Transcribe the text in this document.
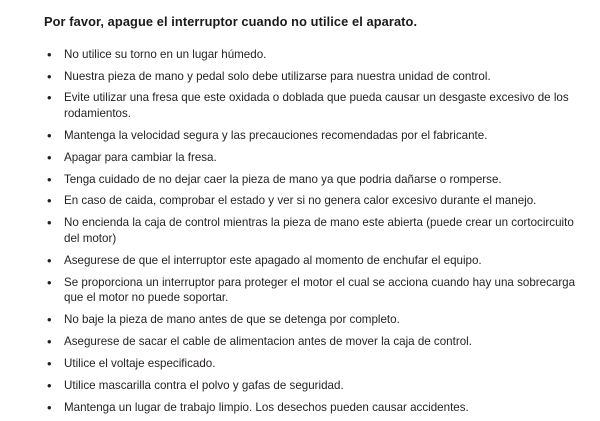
Por favor, apague el interruptor cuando no utilice el aparato.
• No utilice su torno en un lugar húmedo.
• Nuestra pieza de mano y pedal solo debe utilizarse para nuestra unidad de control.
• Evite utilizar una fresa que este oxidada o doblada que pueda causar un desgaste excesivo de los rodamientos.
• Mantenga la velocidad segura y las precauciones recomendadas por el fabricante.
• Apagar para cambiar la fresa.
• Tenga cuidado de no dejar caer la pieza de mano ya que podria dañarse o romperse.
• En caso de caida, comprobar el estado y ver si no genera calor excesivo durante el manejo.
• No encienda la caja de control mientras la pieza de mano este abierta (puede crear un cortocircuito del motor)
• Asegurese de que el interruptor este apagado al momento de enchufar el equipo.
• Se proporciona un interruptor para proteger el motor el cual se acciona cuando hay una sobrecarga que el motor no puede soportar.
• No baje la pieza de mano antes de que se detenga por completo.
• Asegurese de sacar el cable de alimentacion antes de mover la caja de control.
• Utilice el voltaje especificado.
• Utilice mascarilla contra el polvo y gafas de seguridad.
• Mantenga un lugar de trabajo limpio. Los desechos pueden causar accidentes.
